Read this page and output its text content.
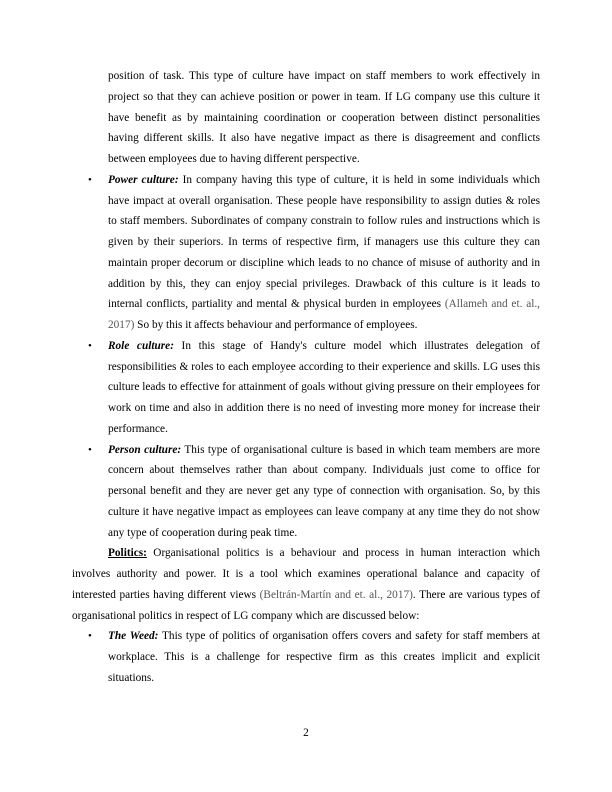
position of task. This type of culture have impact on staff members to work effectively in project so that they can achieve position or power in team. If LG company use this culture it have benefit as by maintaining coordination or cooperation between distinct personalities having different skills. It also have negative impact as there is disagreement and conflicts between employees due to having different perspective.

• Power culture: In company having this type of culture, it is held in some individuals which have impact at overall organisation. These people have responsibility to assign duties & roles to staff members. Subordinates of company constrain to follow rules and instructions which is given by their superiors. In terms of respective firm, if managers use this culture they can maintain proper decorum or discipline which leads to no chance of misuse of authority and in addition by this, they can enjoy special privileges. Drawback of this culture is it leads to internal conflicts, partiality and mental & physical burden in employees (Allameh and et. al., 2017) So by this it affects behaviour and performance of employees.
• Role culture: In this stage of Handy's culture model which illustrates delegation of responsibilities & roles to each employee according to their experience and skills. LG uses this culture leads to effective for attainment of goals without giving pressure on their employees for work on time and also in addition there is no need of investing more money for increase their performance.
• Person culture: This type of organisational culture is based in which team members are more concern about themselves rather than about company. Individuals just come to office for personal benefit and they are never get any type of connection with organisation. So, by this culture it have negative impact as employees can leave company at any time they do not show any type of cooperation during peak time.

Politics: Organisational politics is a behaviour and process in human interaction which involves authority and power. It is a tool which examines operational balance and capacity of interested parties having different views (Beltrán-Martín and et. al., 2017). There are various types of organisational politics in respect of LG company which are discussed below:

• The Weed: This type of politics of organisation offers covers and safety for staff members at workplace. This is a challenge for respective firm as this creates implicit and explicit situations.
2
